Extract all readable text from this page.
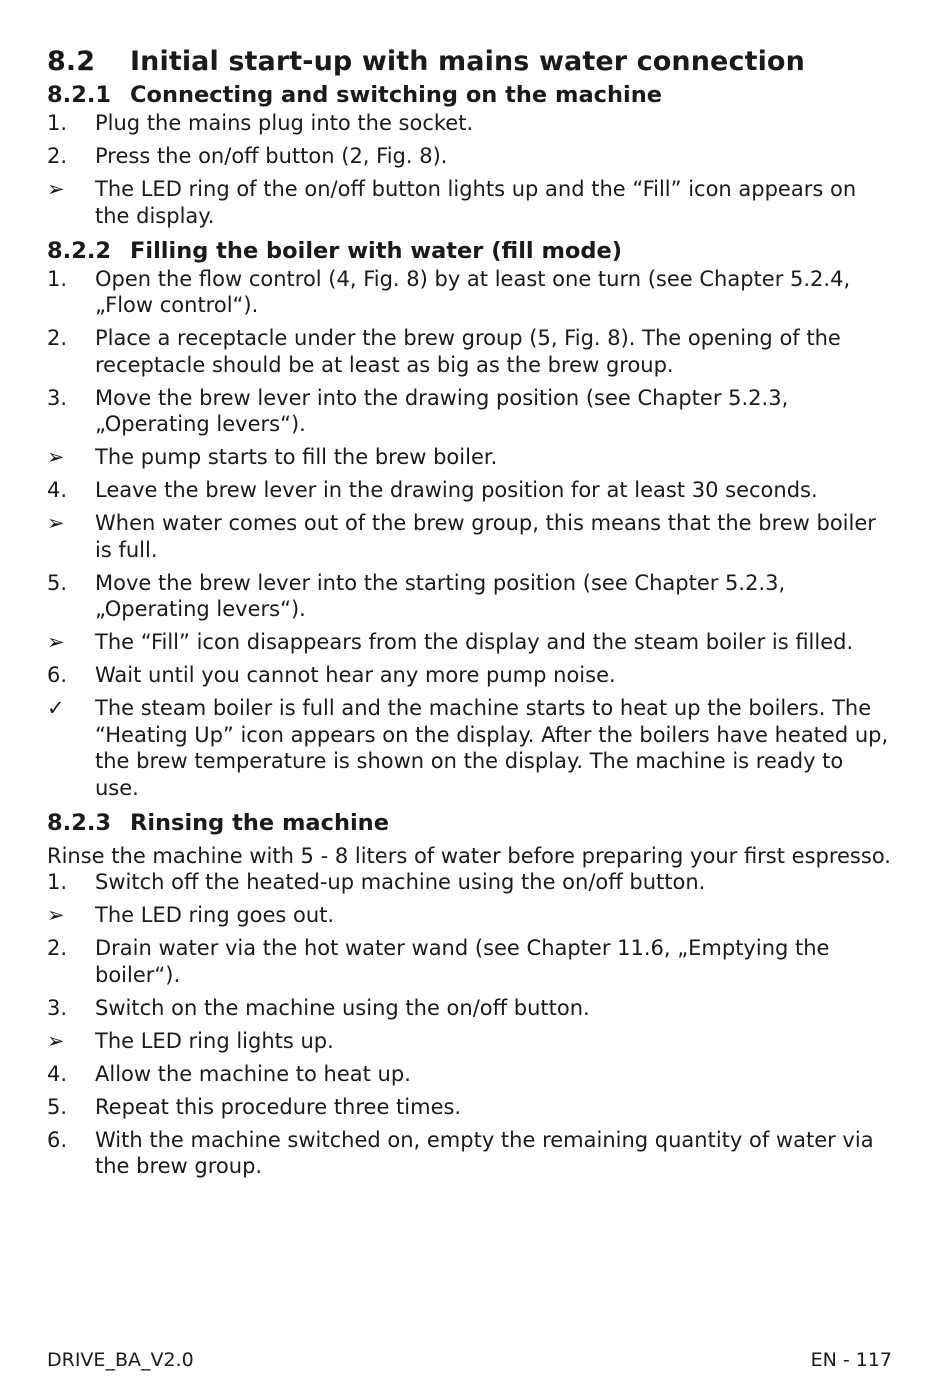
8.2	Initial start-up with mains water connection
8.2.1 Connecting and switching on the machine
1.	Plug the mains plug into the socket.
2.	Press the on/off button (2, Fig. 8).
➢	The LED ring of the on/off button lights up and the “Fill” icon appears on the display.
8.2.2 Filling the boiler with water (fill mode)
1.	Open the flow control (4, Fig. 8) by at least one turn (see Chapter 5.2.4, „Flow control“).
2.	Place a receptacle under the brew group (5, Fig. 8). The opening of the receptacle should be at least as big as the brew group.
3.	Move the brew lever into the drawing position (see Chapter 5.2.3, „Operating levers“).
➢	The pump starts to fill the brew boiler.
4.	Leave the brew lever in the drawing position for at least 30 seconds.
➢	When water comes out of the brew group, this means that the brew boiler is full.
5.	Move the brew lever into the starting position (see Chapter 5.2.3, „Operating levers“).
➢	The “Fill” icon disappears from the display and the steam boiler is filled.
6.	Wait until you cannot hear any more pump noise.
✓	The steam boiler is full and the machine starts to heat up the boilers. The “Heating Up” icon appears on the display. After the boilers have heated up, the brew temperature is shown on the display. The machine is ready to use.
8.2.3 Rinsing the machine

Rinse the machine with 5 - 8 liters of water before preparing your first espresso.

1.	Switch off the heated-up machine using the on/off button.
➢	The LED ring goes out.
2.	Drain water via the hot water wand (see Chapter 11.6, „Emptying the boiler“).
3.	Switch on the machine using the on/off button.
➢	The LED ring lights up.
4.	Allow the machine to heat up.
5.	Repeat this procedure three times.
6.	With the machine switched on, empty the remaining quantity of water via the brew group.
DRIVE_BA_V2.0	EN - 117
